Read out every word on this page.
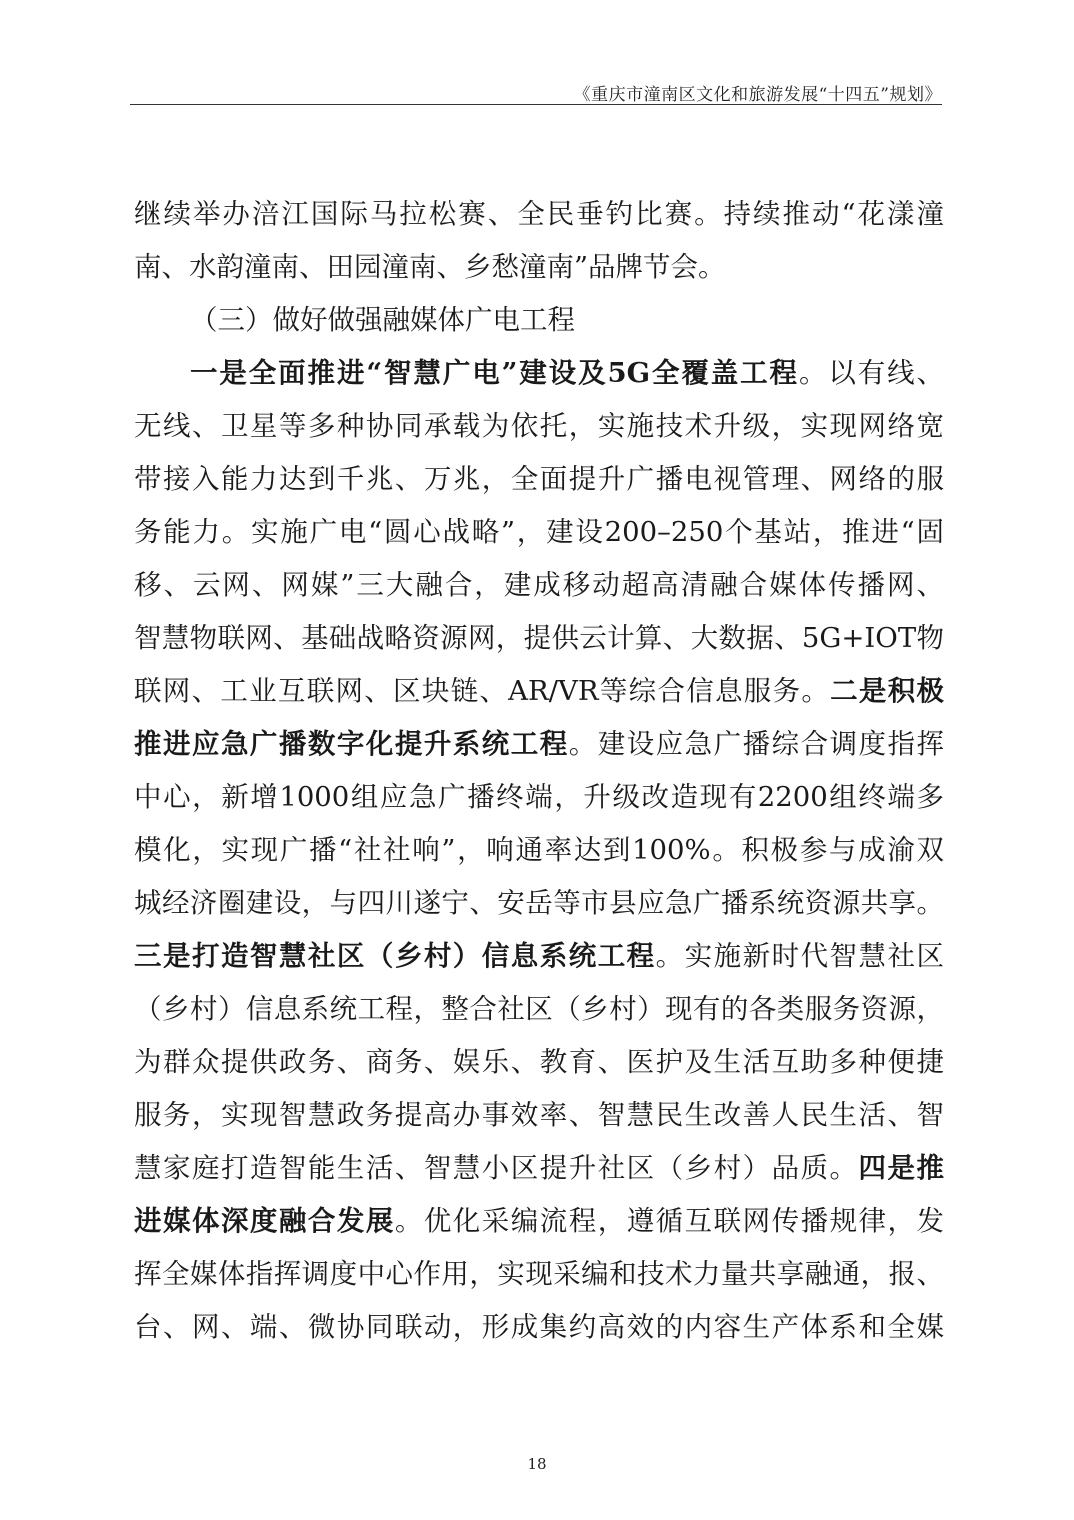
《重庆市潼南区文化和旅游发展“十四五”规划》
继续举办涪江国际马拉松赛、全民垂钓比赛。持续推动“花漾潼
南、水韵潼南、田园潼南、乡愁潼南”品牌节会。
（三）做好做强融媒体广电工程
一是全面推进“智慧广电”建设及5G全覆盖工程。以有线、
无线、卫星等多种协同承载为依托，实施技术升级，实现网络宽
带接入能力达到千兆、万兆，全面提升广播电视管理、网络的服
务能力。实施广电“圆心战略”，建设200–250个基站，推进“固
移、云网、网媒”三大融合，建成移动超高清融合媒体传播网、
智慧物联网、基础战略资源网，提供云计算、大数据、5G+IOT物
联网、工业互联网、区块链、AR/VR等综合信息服务。二是积极
推进应急广播数字化提升系统工程。建设应急广播综合调度指挥
中心，新增1000组应急广播终端，升级改造现有2200组终端多
模化，实现广播“社社响”，响通率达到100%。积极参与成渝双
城经济圈建设，与四川遂宁、安岳等市县应急广播系统资源共享。
三是打造智慧社区（乡村）信息系统工程。实施新时代智慧社区
（乡村）信息系统工程，整合社区（乡村）现有的各类服务资源，
为群众提供政务、商务、娱乐、教育、医护及生活互助多种便捷
服务，实现智慧政务提高办事效率、智慧民生改善人民生活、智
慧家庭打造智能生活、智慧小区提升社区（乡村）品质。四是推
进媒体深度融合发展。优化采编流程，遵循互联网传播规律，发
挥全媒体指挥调度中心作用，实现采编和技术力量共享融通，报、
台、网、端、微协同联动，形成集约高效的内容生产体系和全媒
18
